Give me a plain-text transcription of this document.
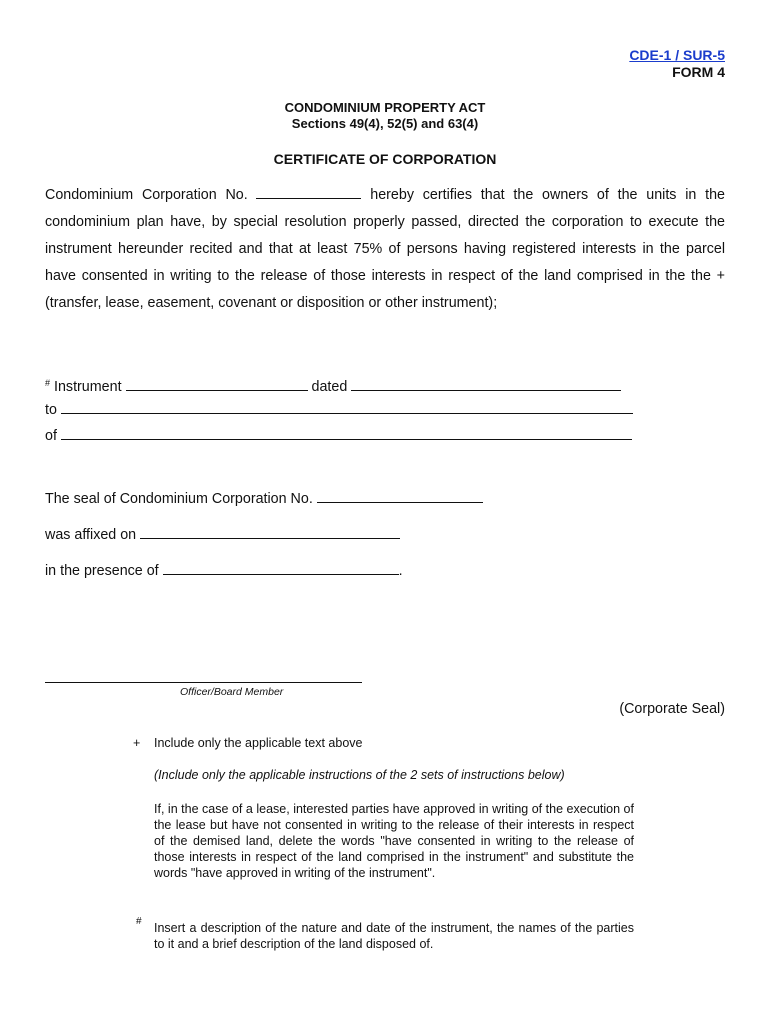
CDE-1 / SUR-5
FORM 4
CONDOMINIUM PROPERTY ACT
Sections 49(4), 52(5) and 63(4)
CERTIFICATE OF CORPORATION
Condominium Corporation No.	hereby certifies that the owners of the units in the condominium plan have, by special resolution properly passed, directed the corporation to execute the instrument hereunder recited and that at least 75% of persons having registered interests in the parcel have consented in writing to the release of those interests in respect of the land comprised in the the +(transfer, lease, easement, covenant or disposition or other instrument);
# Instrument	dated
to
of
The seal of Condominium Corporation No.
was affixed on
in the presence of	.
Officer/Board Member
(Corporate Seal)
+ Include only the applicable text above
(Include only the applicable instructions of the 2 sets of instructions below)
If, in the case of a lease, interested parties have approved in writing of the execution of the lease but have not consented in writing to the release of their interests in respect of the demised land, delete the words "have consented in writing to the release of those interests in respect of the land comprised in the instrument" and substitute the words "have approved in writing of the instrument".
# Insert a description of the nature and date of the instrument, the names of the parties to it and a brief description of the land disposed of.
